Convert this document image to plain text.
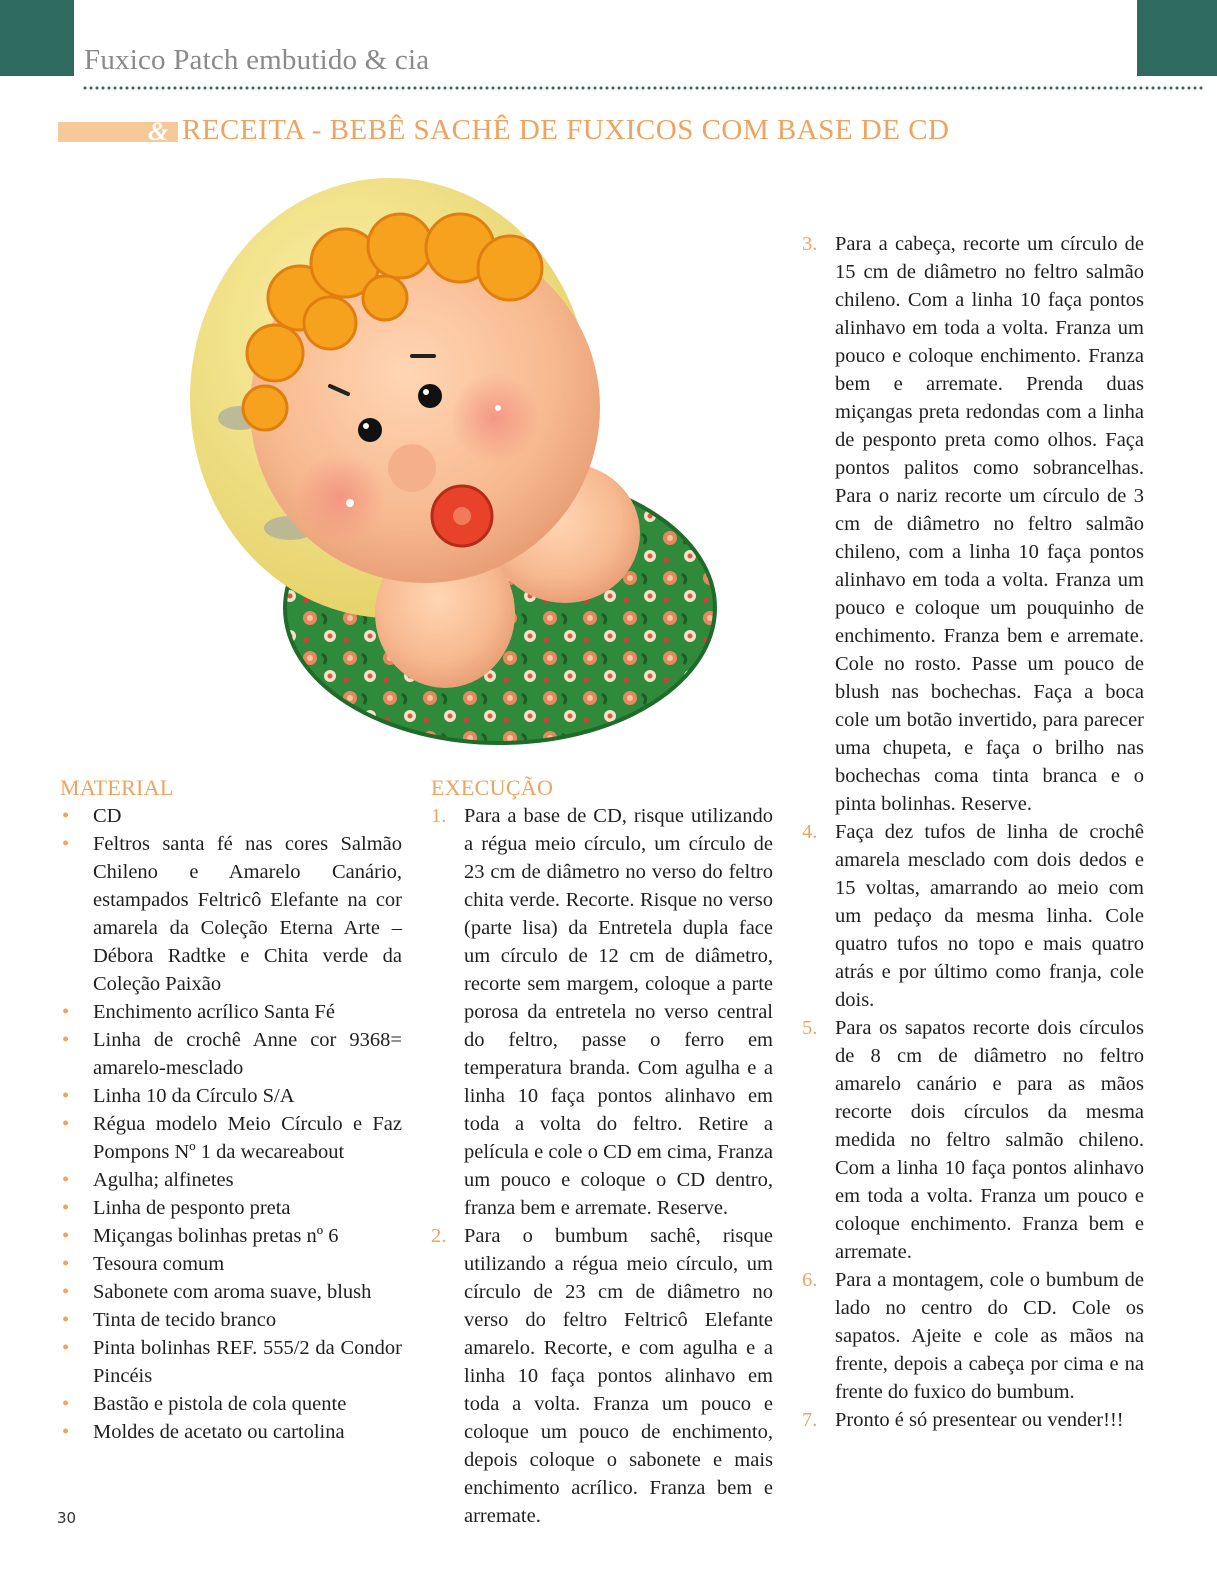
Fuxico Patch embutido & cia
& RECEITA - BEBÊ SACHÊ DE FUXICOS COM BASE DE CD
MATERIAL
• CD
• Feltros santa fé nas cores Salmão Chileno e Amarelo Canário, estampados Feltricô Elefante na cor amarela da Coleção Eterna Arte – Débora Radtke e Chita verde da Coleção Paixão
• Enchimento acrílico Santa Fé
• Linha de crochê Anne cor 9368= amarelo-mesclado
• Linha 10 da Círculo S/A
• Régua modelo Meio Círculo e Faz Pompons Nº 1 da wecareabout
• Agulha; alfinetes
• Linha de pesponto preta
• Miçangas bolinhas pretas nº 6
• Tesoura comum
• Sabonete com aroma suave, blush
• Tinta de tecido branco
• Pinta bolinhas REF. 555/2 da Condor Pincéis
• Bastão e pistola de cola quente
• Moldes de acetato ou cartolina
EXECUÇÃO
1. Para a base de CD, risque utilizando a régua meio círculo, um círculo de 23 cm de diâmetro no verso do feltro chita verde. Recorte. Risque no verso (parte lisa) da Entretela dupla face um círculo de 12 cm de diâmetro, recorte sem margem, coloque a parte porosa da entretela no verso central do feltro, passe o ferro em temperatura branda. Com agulha e a linha 10 faça pontos alinhavo em toda a volta do feltro. Retire a película e cole o CD em cima, Franza um pouco e coloque o CD dentro, franza bem e arremate. Reserve.
2. Para o bumbum sachê, risque utilizando a régua meio círculo, um círculo de 23 cm de diâmetro no verso do feltro Feltricô Elefante amarelo. Recorte, e com agulha e a linha 10 faça pontos alinhavo em toda a volta. Franza um pouco e coloque um pouco de enchimento, depois coloque o sabonete e mais enchimento acrílico. Franza bem e arremate.
3. Para a cabeça, recorte um círculo de 15 cm de diâmetro no feltro salmão chileno. Com a linha 10 faça pontos alinhavo em toda a volta. Franza um pouco e coloque enchimento. Franza bem e arremate. Prenda duas miçangas preta redondas com a linha de pesponto preta como olhos. Faça pontos palitos como sobrancelhas. Para o nariz recorte um círculo de 3 cm de diâmetro no feltro salmão chileno, com a linha 10 faça pontos alinhavo em toda a volta. Franza um pouco e coloque um pouquinho de enchimento. Franza bem e arremate. Cole no rosto. Passe um pouco de blush nas bochechas. Faça a boca cole um botão invertido, para parecer uma chupeta, e faça o brilho nas bochechas coma tinta branca e o pinta bolinhas. Reserve.
4. Faça dez tufos de linha de crochê amarela mesclado com dois dedos e 15 voltas, amarrando ao meio com um pedaço da mesma linha. Cole quatro tufos no topo e mais quatro atrás e por último como franja, cole dois.
5. Para os sapatos recorte dois círculos de 8 cm de diâmetro no feltro amarelo canário e para as mãos recorte dois círculos da mesma medida no feltro salmão chileno. Com a linha 10 faça pontos alinhavo em toda a volta. Franza um pouco e coloque enchimento. Franza bem e arremate.
6. Para a montagem, cole o bumbum de lado no centro do CD. Cole os sapatos. Ajeite e cole as mãos na frente, depois a cabeça por cima e na frente do fuxico do bumbum.
7. Pronto é só presentear ou vender!!!
30
